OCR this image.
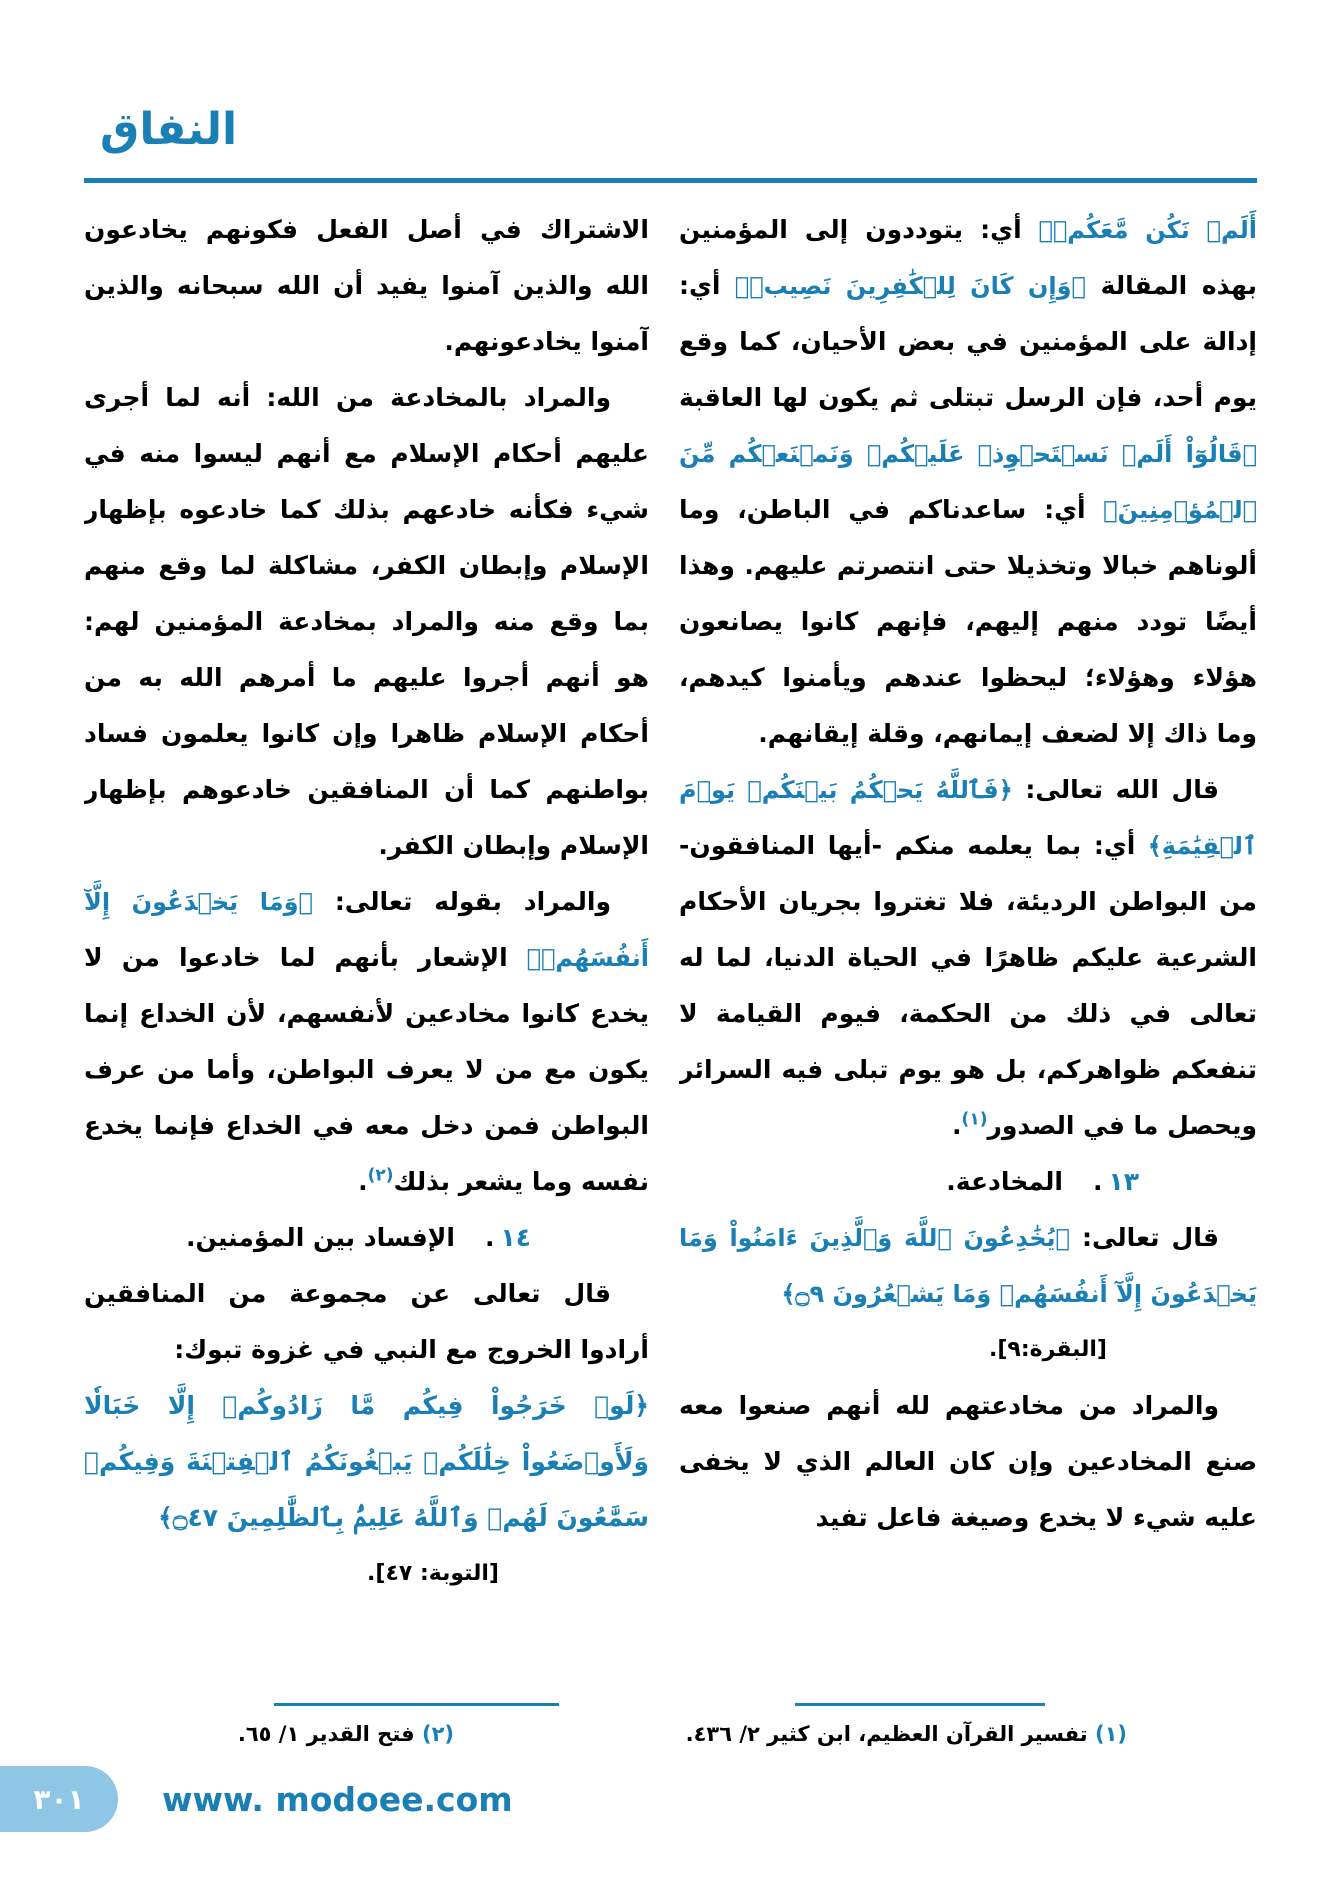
النفاق

أَلَمۡ نَكُن مَّعَكُمۡ﴾ أي: يتوددون إلى المؤمنين بهذه المقالة ﴿وَإِن كَانَ لِلۡكَٰفِرِينَ نَصِيبٞ﴾ أي: إدالة على المؤمنين في بعض الأحيان، كما وقع يوم أحد، فإن الرسل تبتلى ثم يكون لها العاقبة ﴿قَالُوٓاْ أَلَمۡ نَسۡتَحۡوِذۡ عَلَيۡكُمۡ وَنَمۡنَعۡكُم مِّنَ ٱلۡمُؤۡمِنِينَ﴾ أي: ساعدناكم في الباطن، وما ألوناهم خبالا وتخذيلا حتى انتصرتم عليهم. وهذا أيضًا تودد منهم إليهم، فإنهم كانوا يصانعون هؤلاء وهؤلاء؛ ليحظوا عندهم ويأمنوا كيدهم، وما ذاك إلا لضعف إيمانهم، وقلة إيقانهم.

قال الله تعالى: ﴿فَٱللَّهُ يَحۡكُمُ بَيۡنَكُمۡ يَوۡمَ ٱلۡقِيَٰمَةِ﴾ أي: بما يعلمه منكم -أيها المنافقون-من البواطن الرديئة، فلا تغتروا بجريان الأحكام الشرعية عليكم ظاهرًا في الحياة الدنيا، لما له تعالى في ذلك من الحكمة، فيوم القيامة لا تنفعكم ظواهركم، بل هو يوم تبلى فيه السرائر ويحصل ما في الصدور$^{(١)}$.

١٣.المخادعة.

قال تعالى: ﴿يُخَٰدِعُونَ ٱللَّهَ وَٱلَّذِينَ ءَامَنُواْ وَمَا يَخۡدَعُونَ إِلَّآ أَنفُسَهُمۡ وَمَا يَشۡعُرُونَ ۝٩﴾

[البقرة:٩].

والمراد من مخادعتهم لله أنهم صنعوا معه صنع المخادعين وإن كان العالم الذي لا يخفى عليه شيء لا يخدع وصيغة فاعل تفيد

(١) تفسير القرآن العظيم، ابن كثير ٢/ ٤٣٦.

الاشتراك في أصل الفعل فكونهم يخادعون الله والذين آمنوا يفيد أن الله سبحانه والذين آمنوا يخادعونهم.

والمراد بالمخادعة من الله: أنه لما أجرى عليهم أحكام الإسلام مع أنهم ليسوا منه في شيء فكأنه خادعهم بذلك كما خادعوه بإظهار الإسلام وإبطان الكفر، مشاكلة لما وقع منهم بما وقع منه والمراد بمخادعة المؤمنين لهم: هو أنهم أجروا عليهم ما أمرهم الله به من أحكام الإسلام ظاهرا وإن كانوا يعلمون فساد بواطنهم كما أن المنافقين خادعوهم بإظهار الإسلام وإبطان الكفر.

والمراد بقوله تعالى: ﴿وَمَا يَخۡدَعُونَ إِلَّآ أَنفُسَهُمۡ﴾ الإشعار بأنهم لما خادعوا من لا يخدع كانوا مخادعين لأنفسهم، لأن الخداع إنما يكون مع من لا يعرف البواطن، وأما من عرف البواطن فمن دخل معه في الخداع فإنما يخدع نفسه وما يشعر بذلك$^{(٢)}$.

١٤.الإفساد بين المؤمنين.

قال تعالى عن مجموعة من المنافقين أرادوا الخروج مع النبي في غزوة تبوك:

﴿لَوۡ خَرَجُواْ فِيكُم مَّا زَادُوكُمۡ إِلَّا خَبَالٗا وَلَأَوۡضَعُواْ خِلَٰلَكُمۡ يَبۡغُونَكُمُ ٱلۡفِتۡنَةَ وَفِيكُمۡ سَمَّٰعُونَ لَهُمۡ وَٱللَّهُ عَلِيمُۢ بِٱلظَّٰلِمِينَ ۝٤٧﴾

[التوبة: ٤٧].

(٢) فتح القدير ١/ ٦٥.

٣٠١ www. modoee.com
